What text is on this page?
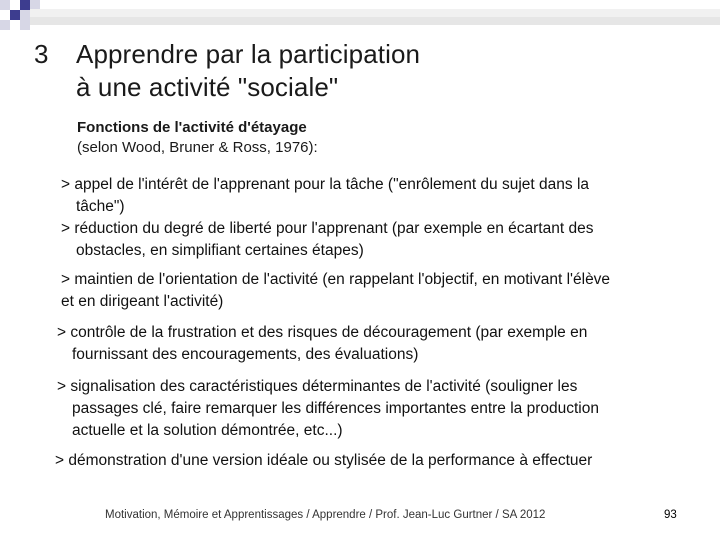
3	Apprendre par la participation
à une activité "sociale"
Fonctions de l'activité d'étayage
(selon Wood, Bruner & Ross, 1976):
> appel de l'intérêt de l'apprenant pour la tâche ("enrôlement du sujet dans la
tâche")
> réduction du degré de liberté pour l'apprenant (par exemple en écartant des
obstacles, en simplifiant certaines étapes)
> maintien de l'orientation de l'activité (en rappelant l'objectif, en motivant l'élève
et en dirigeant l'activité)
> contrôle de la frustration et des risques de découragement (par exemple en
fournissant des encouragements, des évaluations)
> signalisation des caractéristiques déterminantes de l'activité (souligner les
passages clé, faire remarquer les différences importantes entre la production
actuelle et la solution démontrée, etc...)
> démonstration d'une version idéale ou stylisée de la performance à effectuer
Motivation, Mémoire et Apprentissages / Apprendre / Prof. Jean-Luc Gurtner / SA 2012	93
